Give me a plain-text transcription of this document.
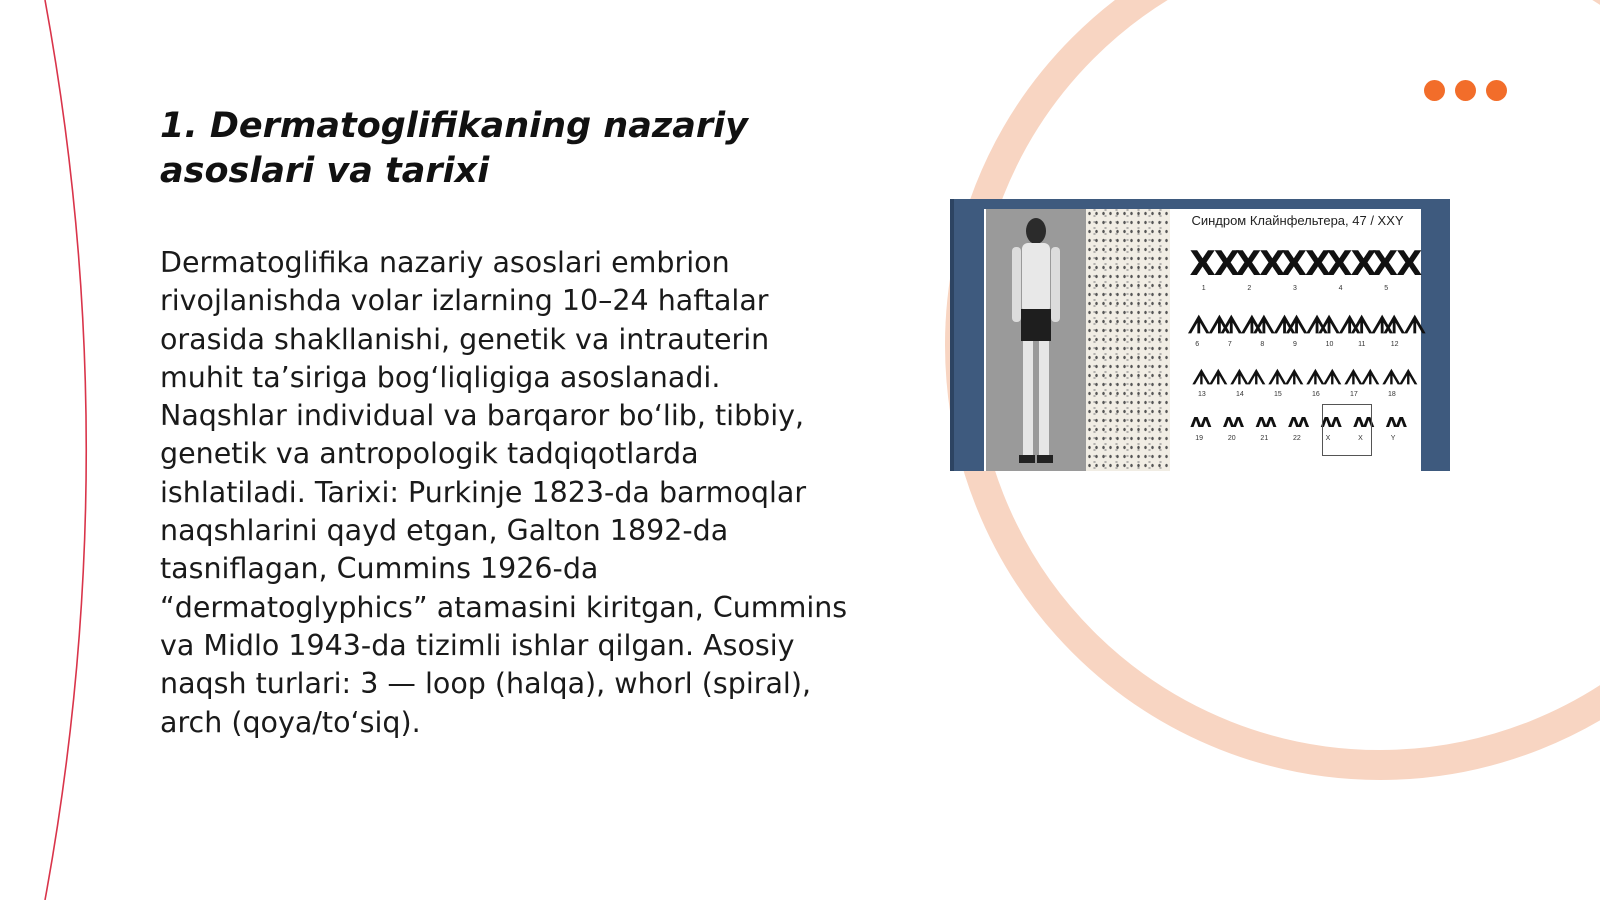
1. Dermatoglifikaning nazariy asoslari va tarixi

Dermatoglifika nazariy asoslari embrion rivojlanishda volar izlarning 10–24 haftalar orasida shakllanishi, genetik va intrauterin muhit ta’siriga bog‘liqligiga asoslanadi. Naqshlar individual va barqaror bo‘lib, tibbiy, genetik va antropologik tadqiqotlarda ishlatiladi. Tarixi: Purkinje 1823-da barmoqlar naqshlarini qayd etgan, Galton 1892-da tasniflagan, Cummins 1926-da “dermatoglyphics” atamasini kiritgan, Cummins va Midlo 1943-da tizimli ishlar qilgan. Asosiy naqsh turlari: 3 — loop (halqa), whorl (spiral), arch (qoya/to‘siq).

Синдром Клайнфельтера, 47 / XXY
ХХ
1
ХХ
2
ХХ
3
ХХ
4
ХХ
5
ᗑᗑ
6
ᗑᗑ
7
ᗑᗑ
8
ᗑᗑ
9
ᗑᗑ
10
ᗑᗑ
11
ᗑᗑ
12
ᗑᗑ
13
ᗑᗑ
14
ᗑᗑ
15
ᗑᗑ
16
ᗑᗑ
17
ᗑᗑ
18
ᴧᴧ
19
ᴧᴧ
20
ᴧᴧ
21
ᴧᴧ
22
ᴧᴧ
X
ᴧᴧ
X
ᴧᴧ
Y
